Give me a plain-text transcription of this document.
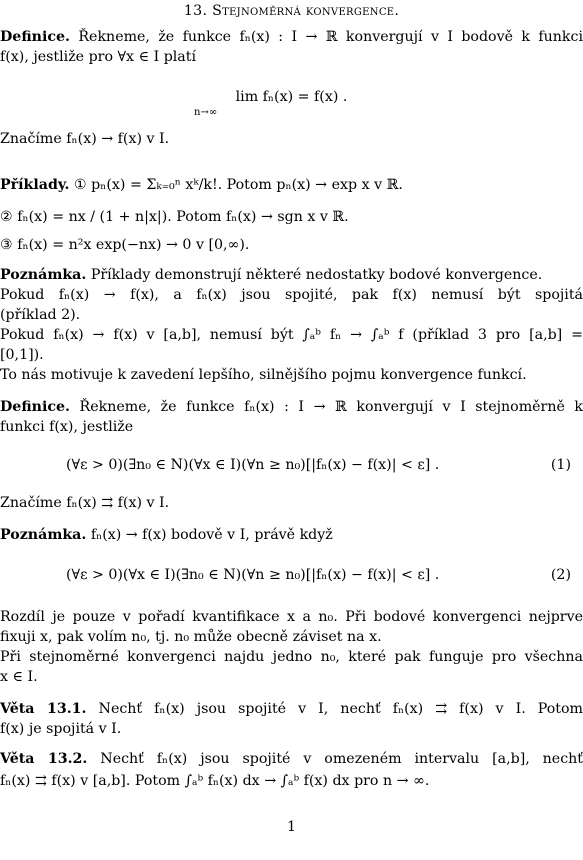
13. Stejnoměrná konvergence.
Definice. Řekneme, že funkce fₙ(x) : I → ℝ konvergují v I bodově k funkci
f(x), jestliže pro ∀x ∈ I platí
lim fₙ(x) = f(x) .
n→∞
Značíme fₙ(x) → f(x) v I.
Příklady. ① pₙ(x) = Σₖ₌₀ⁿ xᵏ/k!. Potom pₙ(x) → exp x v ℝ.
② fₙ(x) = nx / (1 + n|x|). Potom fₙ(x) → sgn x v ℝ.
③ fₙ(x) = n²x exp(−nx) → 0 v [0,∞).
Poznámka. Příklady demonstrují některé nedostatky bodové konvergence.
Pokud fₙ(x) → f(x), a fₙ(x) jsou spojité, pak f(x) nemusí být spojitá
(příklad 2).
Pokud fₙ(x) → f(x) v [a,b], nemusí být ∫ₐᵇ fₙ → ∫ₐᵇ f (příklad 3 pro [a,b] =
[0,1]).
To nás motivuje k zavedení lepšího, silnějšího pojmu konvergence funkcí.
Definice. Řekneme, že funkce fₙ(x) : I → ℝ konvergují v I stejnoměrně k
funkci f(x), jestliže
(∀ε > 0)(∃n₀ ∈ N)(∀x ∈ I)(∀n ≥ n₀)[|fₙ(x) − f(x)| < ε] .	(1)
Značíme fₙ(x) ⇉ f(x) v I.
Poznámka. fₙ(x) → f(x) bodově v I, právě když
(∀ε > 0)(∀x ∈ I)(∃n₀ ∈ N)(∀n ≥ n₀)[|fₙ(x) − f(x)| < ε] .	(2)
Rozdíl je pouze v pořadí kvantifikace x a n₀. Při bodové konvergenci nejprve
fixuji x, pak volím n₀, tj. n₀ může obecně záviset na x.
Při stejnoměrné konvergenci najdu jedno n₀, které pak funguje pro všechna
x ∈ I.
Věta 13.1. Nechť fₙ(x) jsou spojité v I, nechť fₙ(x) ⇉ f(x) v I. Potom
f(x) je spojitá v I.
Věta 13.2. Nechť fₙ(x) jsou spojité v omezeném intervalu [a,b], nechť
fₙ(x) ⇉ f(x) v [a,b]. Potom ∫ₐᵇ fₙ(x) dx → ∫ₐᵇ f(x) dx pro n → ∞.
1
